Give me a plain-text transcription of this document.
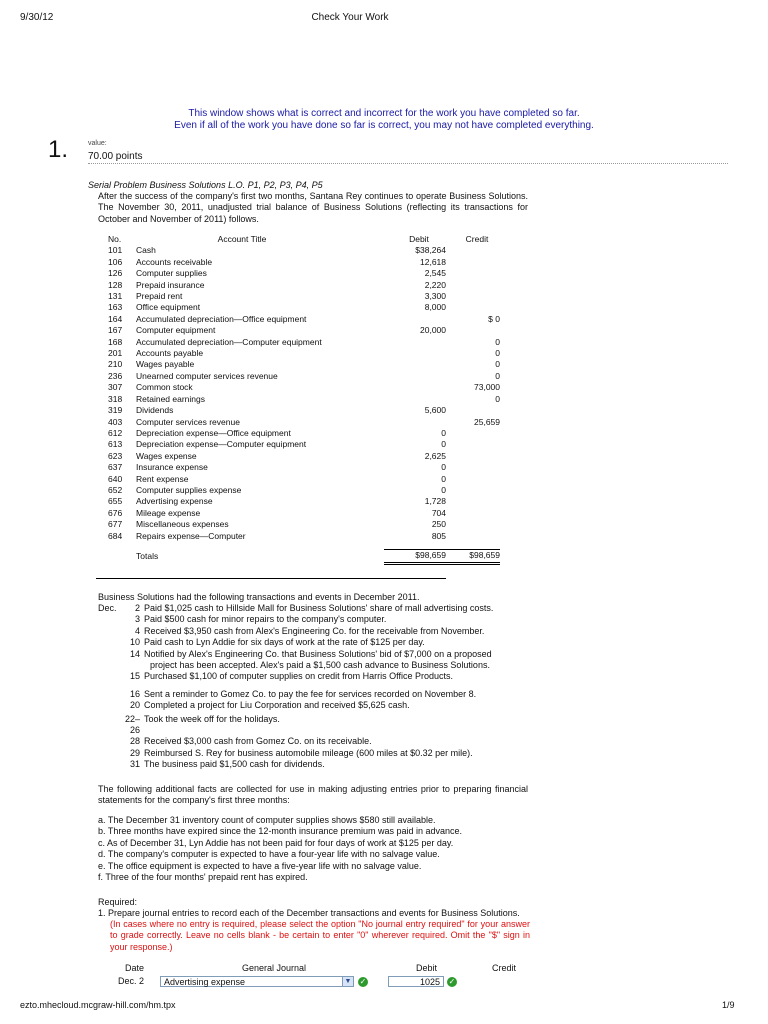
9/30/12	Check Your Work
This window shows what is correct and incorrect for the work you have completed so far.
Even if all of the work you have done so far is correct, you may not have completed everything.
1.	value:
70.00 points
Serial Problem Business Solutions L.O. P1, P2, P3, P4, P5
After the success of the company's first two months, Santana Rey continues to operate Business Solutions. The November 30, 2011, unadjusted trial balance of Business Solutions (reflecting its transactions for October and November of 2011) follows.
No.	Account Title	Debit	Credit
101	Cash	$38,264	
106	Accounts receivable	12,618	
126	Computer supplies	2,545	
128	Prepaid insurance	2,220	
131	Prepaid rent	3,300	
163	Office equipment	8,000	
164	Accumulated depreciation—Office equipment		$ 0
167	Computer equipment	20,000	
168	Accumulated depreciation—Computer equipment		0
201	Accounts payable		0
210	Wages payable		0
236	Unearned computer services revenue		0
307	Common stock		73,000
318	Retained earnings		0
319	Dividends	5,600	
403	Computer services revenue		25,659
612	Depreciation expense—Office equipment	0	
613	Depreciation expense—Computer equipment	0	
623	Wages expense	2,625	
637	Insurance expense	0	
640	Rent expense	0	
652	Computer supplies expense	0	
655	Advertising expense	1,728	
676	Mileage expense	704	
677	Miscellaneous expenses	250	
684	Repairs expense—Computer	805	

	Totals	$98,659	$98,659

Business Solutions had the following transactions and events in December 2011.
Dec.	2 Paid $1,025 cash to Hillside Mall for Business Solutions' share of mall advertising costs.
3 Paid $500 cash for minor repairs to the company's computer.
4 Received $3,950 cash from Alex's Engineering Co. for the receivable from November.
10 Paid cash to Lyn Addie for six days of work at the rate of $125 per day.
14 Notified by Alex's Engineering Co. that Business Solutions' bid of $7,000 on a proposed
project has been accepted. Alex's paid a $1,500 cash advance to Business Solutions.
15 Purchased $1,100 of computer supplies on credit from Harris Office Products.
16 Sent a reminder to Gomez Co. to pay the fee for services recorded on November 8.
20 Completed a project for Liu Corporation and received $5,625 cash.
22– Took the week off for the holidays.
26
28 Received $3,000 cash from Gomez Co. on its receivable.
29 Reimbursed S. Rey for business automobile mileage (600 miles at $0.32 per mile).
31 The business paid $1,500 cash for dividends.
The following additional facts are collected for use in making adjusting entries prior to preparing financial statements for the company's first three months:
a. The December 31 inventory count of computer supplies shows $580 still available.
b. Three months have expired since the 12-month insurance premium was paid in advance.
c. As of December 31, Lyn Addie has not been paid for four days of work at $125 per day.
d. The company's computer is expected to have a four-year life with no salvage value.
e. The office equipment is expected to have a five-year life with no salvage value.
f. Three of the four months' prepaid rent has expired.
Required:
1. Prepare journal entries to record each of the December transactions and events for Business Solutions.
(In cases where no entry is required, please select the option "No journal entry required" for your answer to grade correctly. Leave no cells blank - be certain to enter "0" wherever required. Omit the "$" sign in your response.)
Date	General Journal	Debit	Credit
Dec. 2	Advertising expense	▼	✓	1025	✓
ezto.mhecloud.mcgraw-hill.com/hm.tpx	1/9
